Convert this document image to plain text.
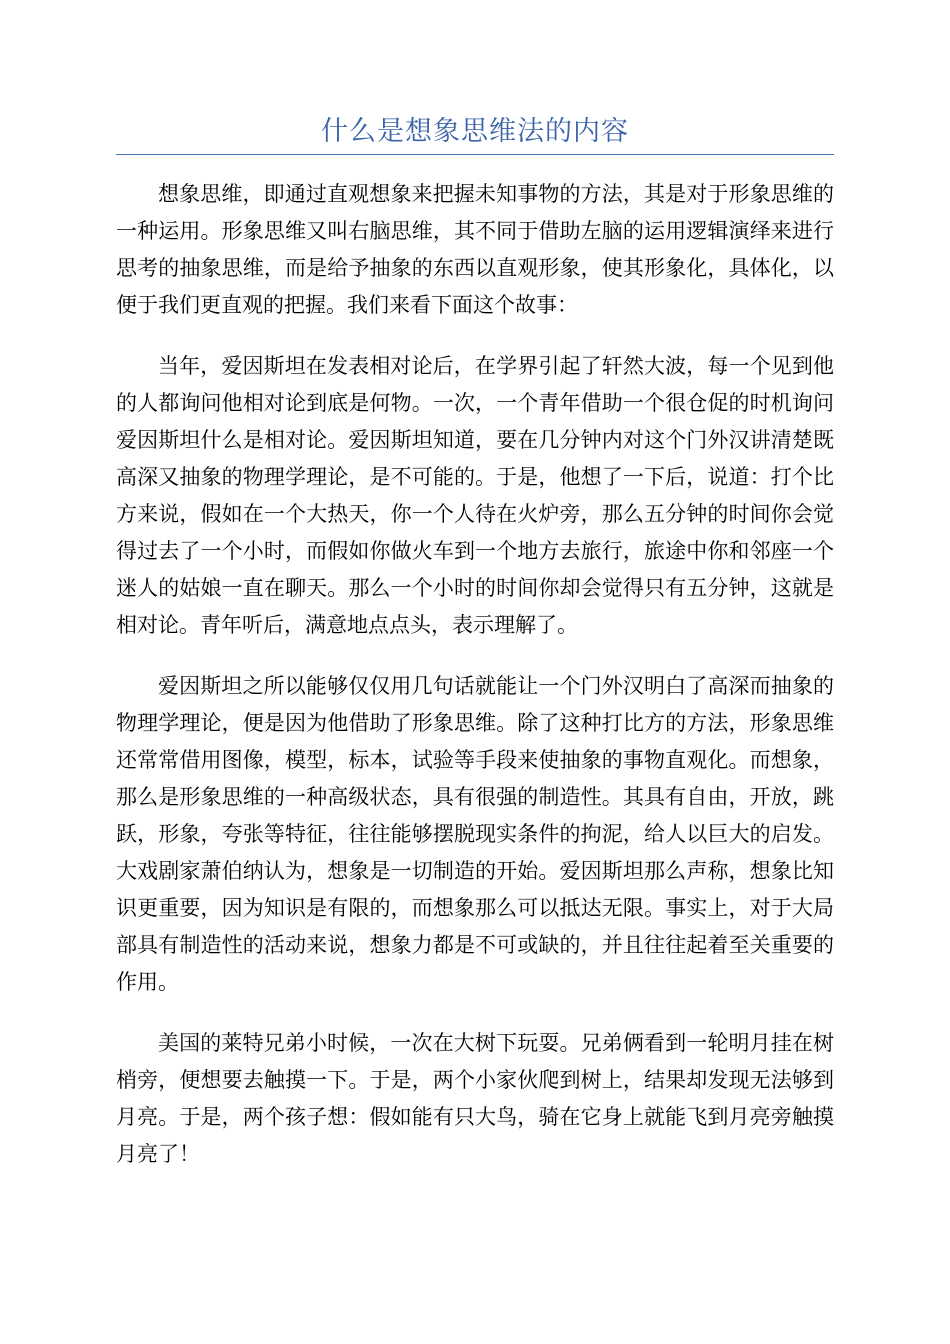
什么是想象思维法的内容

想象思维，即通过直观想象来把握未知事物的方法，其是对于形象思维的一种运用。形象思维又叫右脑思维，其不同于借助左脑的运用逻辑演绎来进行思考的抽象思维，而是给予抽象的东西以直观形象，使其形象化，具体化，以便于我们更直观的把握。我们来看下面这个故事：

当年，爱因斯坦在发表相对论后，在学界引起了轩然大波，每一个见到他的人都询问他相对论到底是何物。一次，一个青年借助一个很仓促的时机询问爱因斯坦什么是相对论。爱因斯坦知道，要在几分钟内对这个门外汉讲清楚既高深又抽象的物理学理论，是不可能的。于是，他想了一下后，说道：打个比方来说，假如在一个大热天，你一个人待在火炉旁，那么五分钟的时间你会觉得过去了一个小时，而假如你做火车到一个地方去旅行，旅途中你和邻座一个迷人的姑娘一直在聊天。那么一个小时的时间你却会觉得只有五分钟，这就是相对论。青年听后，满意地点点头，表示理解了。

爱因斯坦之所以能够仅仅用几句话就能让一个门外汉明白了高深而抽象的物理学理论，便是因为他借助了形象思维。除了这种打比方的方法，形象思维还常常借用图像，模型，标本，试验等手段来使抽象的事物直观化。而想象，那么是形象思维的一种高级状态，具有很强的制造性。其具有自由，开放，跳跃，形象，夸张等特征，往往能够摆脱现实条件的拘泥，给人以巨大的启发。大戏剧家萧伯纳认为，想象是一切制造的开始。爱因斯坦那么声称，想象比知识更重要，因为知识是有限的，而想象那么可以抵达无限。事实上，对于大局部具有制造性的活动来说，想象力都是不可或缺的，并且往往起着至关重要的作用。

美国的莱特兄弟小时候，一次在大树下玩耍。兄弟俩看到一轮明月挂在树梢旁，便想要去触摸一下。于是，两个小家伙爬到树上，结果却发现无法够到月亮。于是，两个孩子想：假如能有只大鸟，骑在它身上就能飞到月亮旁触摸月亮了！
